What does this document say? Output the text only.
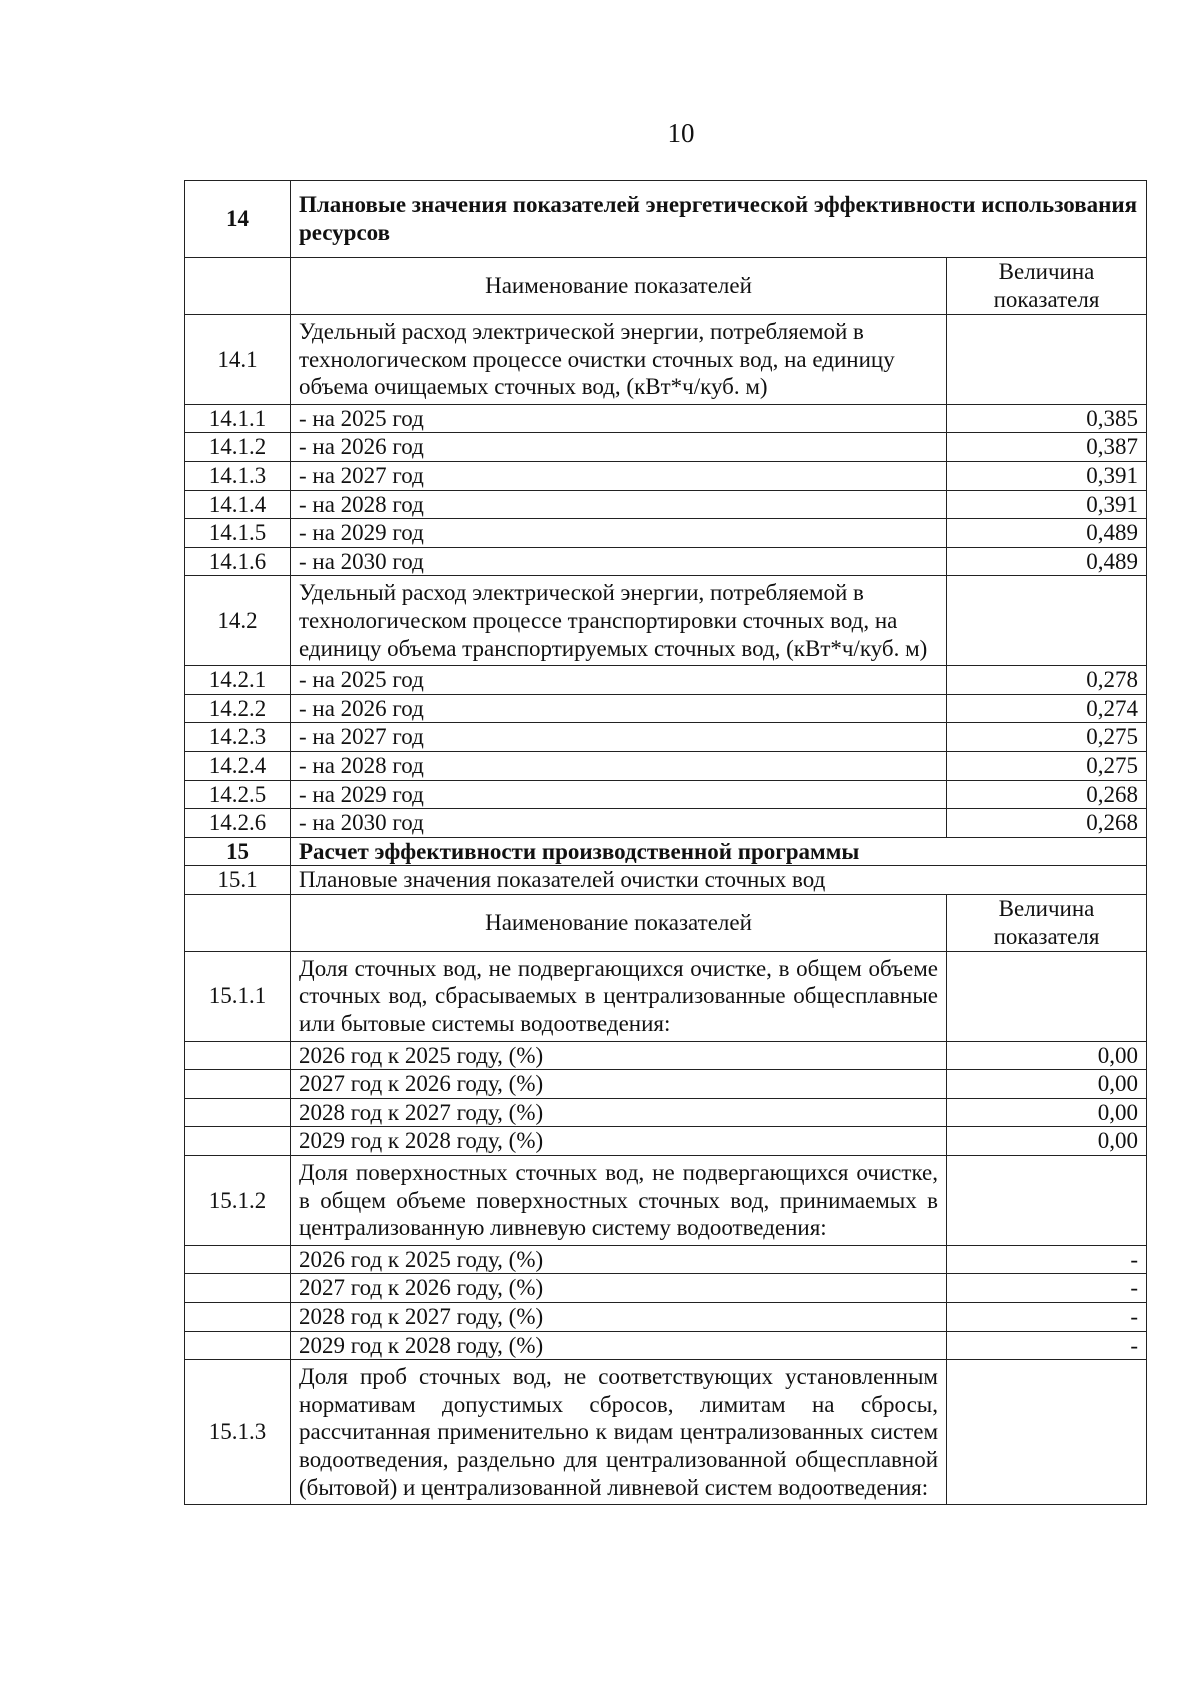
10
14	Плановые значения показателей энергетической эффективности использования ресурсов	
	Наименование показателей	Величина показателя
14.1	Удельный расход электрической энергии, потребляемой в технологическом процессе очистки сточных вод, на единицу объема очищаемых сточных вод, (кВт*ч/куб. м)	
14.1.1	- на 2025 год	0,385
14.1.2	- на 2026 год	0,387
14.1.3	- на 2027 год	0,391
14.1.4	- на 2028 год	0,391
14.1.5	- на 2029 год	0,489
14.1.6	- на 2030 год	0,489
14.2	Удельный расход электрической энергии, потребляемой в технологическом процессе транспортировки сточных вод, на единицу объема транспортируемых сточных вод, (кВт*ч/куб. м)	
14.2.1	- на 2025 год	0,278
14.2.2	- на 2026 год	0,274
14.2.3	- на 2027 год	0,275
14.2.4	- на 2028 год	0,275
14.2.5	- на 2029 год	0,268
14.2.6	- на 2030 год	0,268
15	Расчет эффективности производственной программы	
15.1	Плановые значения показателей очистки сточных вод	
	Наименование показателей	Величина показателя
15.1.1	Доля сточных вод, не подвергающихся очистке, в общем объеме сточных вод, сбрасываемых в централизованные общесплавные или бытовые системы водоотведения:	
	2026 год к 2025 году, (%)	0,00
	2027 год к 2026 году, (%)	0,00
	2028 год к 2027 году, (%)	0,00
	2029 год к 2028 году, (%)	0,00
15.1.2	Доля поверхностных сточных вод, не подвергающихся очистке, в общем объеме поверхностных сточных вод, принимаемых в централизованную ливневую систему водоотведения:	
	2026 год к 2025 году, (%)	-
	2027 год к 2026 году, (%)	-
	2028 год к 2027 году, (%)	-
	2029 год к 2028 году, (%)	-
15.1.3	Доля проб сточных вод, не соответствующих установленным нормативам допустимых сбросов, лимитам на сбросы, рассчитанная применительно к видам централизованных систем водоотведения, раздельно для централизованной общесплавной (бытовой) и централизованной ливневой систем водоотведения:	
